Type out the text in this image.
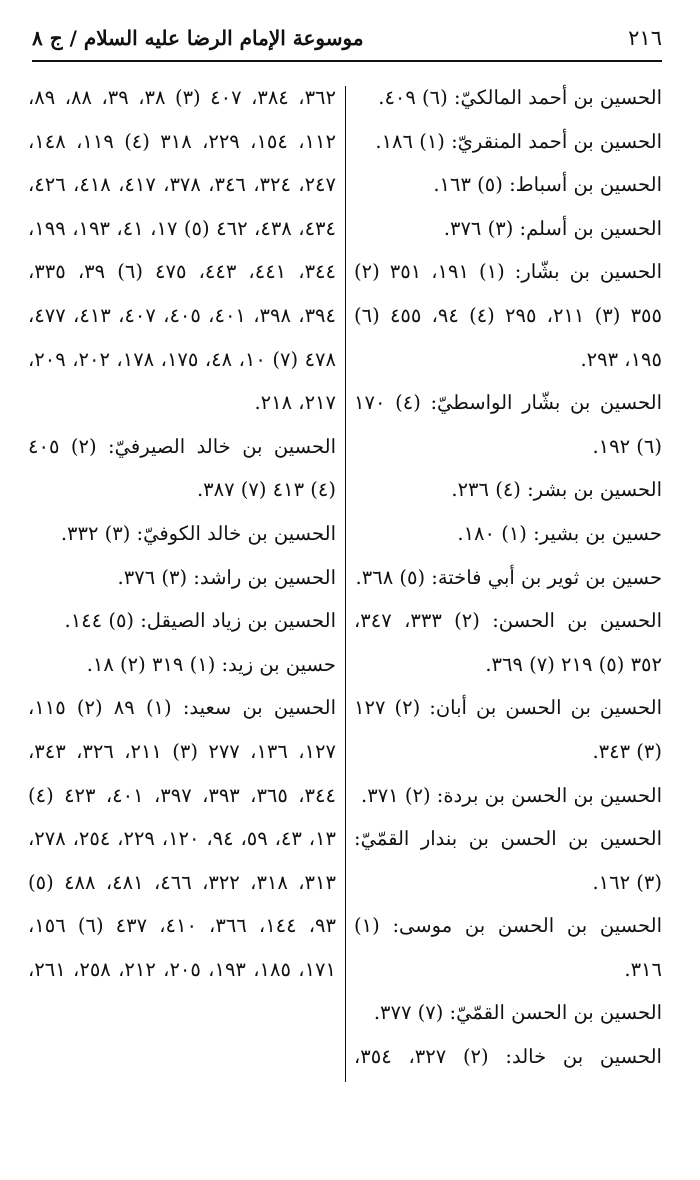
٢١٦
موسوعة الإمام الرضا عليه السلام / ج ٨

الحسين بن أحمد المالكيّ: (٦) ٤٠٩.

الحسين بن أحمد المنقريّ: (١) ١٨٦.

الحسين بن أسباط: (٥) ١٦٣.

الحسين بن أسلم: (٣) ٣٧٦.

الحسين بن بشّار: (١) ١٩١، ٣٥١ (٢) ٣٥٥ (٣) ٢١١، ٢٩٥ (٤) ٩٤، ٤٥٥ (٦) ١٩٥، ٢٩٣.

الحسين بن بشّار الواسطيّ: (٤) ١٧٠ (٦) ١٩٢.

الحسين بن بشر: (٤) ٢٣٦.

حسين بن بشير: (١) ١٨٠.

حسين بن ثوير بن أبي فاختة: (٥) ٣٦٨.

الحسين بن الحسن: (٢) ٣٣٣، ٣٤٧، ٣٥٢ (٥) ٢١٩ (٧) ٣٦٩.

الحسين بن الحسن بن أبان: (٢) ١٢٧ (٣) ٣٤٣.

الحسين بن الحسن بن بردة: (٢) ٣٧١.

الحسين بن الحسن بن بندار القمّيّ: (٣) ١٦٢.

الحسين بن الحسن بن موسى: (١) ٣١٦.

الحسين بن الحسن القمّيّ: (٧) ٣٧٧.

الحسين بن خالد: (٢) ٣٢٧، ٣٥٤،

٣٦٢، ٣٨٤، ٤٠٧ (٣) ٣٨، ٣٩، ٨٨، ٨٩، ١١٢، ١٥٤، ٢٢٩، ٣١٨ (٤) ١١٩، ١٤٨، ٢٤٧، ٣٢٤، ٣٤٦، ٣٧٨، ٤١٧، ٤١٨، ٤٢٦، ٤٣٤، ٤٣٨، ٤٦٢ (٥) ١٧، ٤١، ١٩٣، ١٩٩، ٣٤٤، ٤٤١، ٤٤٣، ٤٧٥ (٦) ٣٩، ٣٣٥، ٣٩٤، ٣٩٨، ٤٠١، ٤٠٥، ٤٠٧، ٤١٣، ٤٧٧، ٤٧٨ (٧) ١٠، ٤٨، ١٧٥، ١٧٨، ٢٠٢، ٢٠٩، ٢١٧، ٢١٨.

الحسين بن خالد الصيرفيّ: (٢) ٤٠٥ (٤) ٤١٣ (٧) ٣٨٧.

الحسين بن خالد الكوفيّ: (٣) ٣٣٢.

الحسين بن راشد: (٣) ٣٧٦.

الحسين بن زياد الصيقل: (٥) ١٤٤.

حسين بن زيد: (١) ٣١٩ (٢) ١٨.

الحسين بن سعيد: (١) ٨٩ (٢) ١١٥، ١٢٧، ١٣٦، ٢٧٧ (٣) ٢١١، ٣٢٦، ٣٤٣، ٣٤٤، ٣٦٥، ٣٩٣، ٣٩٧، ٤٠١، ٤٢٣ (٤) ١٣، ٤٣، ٥٩، ٩٤، ١٢٠، ٢٢٩، ٢٥٤، ٢٧٨، ٣١٣، ٣١٨، ٣٢٢، ٤٦٦، ٤٨١، ٤٨٨ (٥) ٩٣، ١٤٤، ٣٦٦، ٤١٠، ٤٣٧ (٦) ١٥٦، ١٧١، ١٨٥، ١٩٣، ٢٠٥، ٢١٢، ٢٥٨، ٢٦١،
